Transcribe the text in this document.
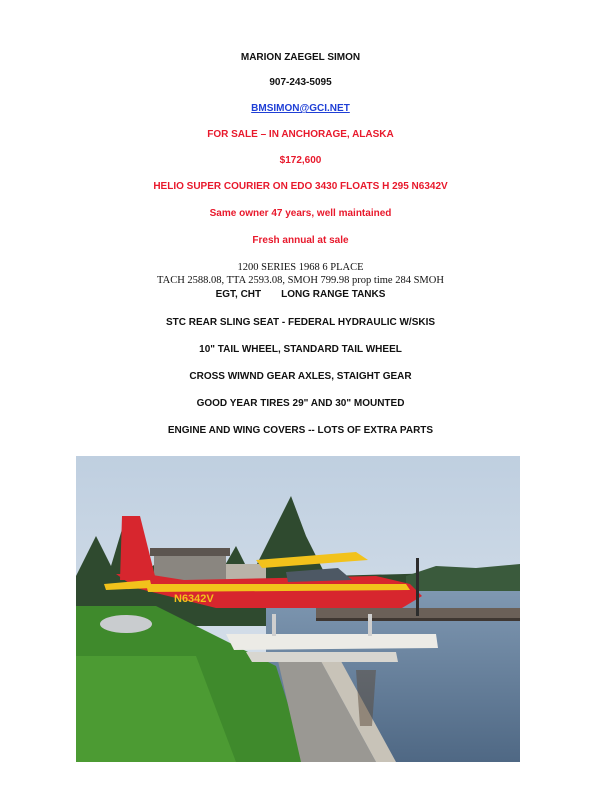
MARION ZAEGEL SIMON
907-243-5095
BMSIMON@GCI.NET
FOR SALE – IN ANCHORAGE, ALASKA
$172,600
HELIO SUPER COURIER ON EDO 3430 FLOATS H 295 N6342V
Same owner 47 years, well maintained
Fresh annual at sale
1200 SERIES 1968 6 PLACE
TACH 2588.08, TTA 2593.08, SMOH 799.98 prop time 284 SMOH
EGT, CHT LONG RANGE TANKS
STC REAR SLING SEAT - FEDERAL HYDRAULIC W/SKIS
10" TAIL WHEEL, STANDARD TAIL WHEEL
CROSS WIWND GEAR AXLES, STAIGHT GEAR
GOOD YEAR TIRES 29" AND 30" MOUNTED
ENGINE AND WING COVERS -- LOTS OF EXTRA PARTS
N6342V
